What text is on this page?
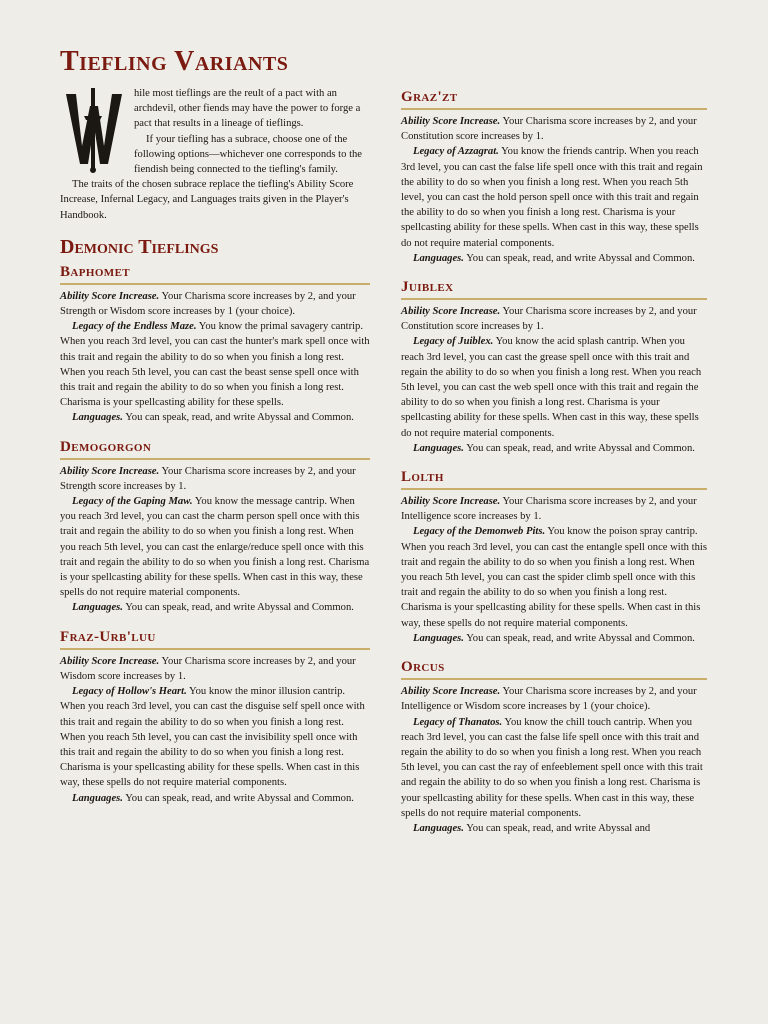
Tiefling Variants

hile most tieflings are the reult of a pact with an archdevil, other fiends may have the power to forge a pact that results in a lineage of tieflings.

If your tiefling has a subrace, choose one of the following options—whichever one corresponds to the fiendish being connected to the tiefling's family.

The traits of the chosen subrace replace the tiefling's Ability Score Increase, Infernal Legacy, and Languages traits given in the Player's Handbook.

Demonic Tieflings
Baphomet

Ability Score Increase. Your Charisma score increases by 2, and your Strength or Wisdom score increases by 1 (your choice).

Legacy of the Endless Maze. You know the primal savagery cantrip. When you reach 3rd level, you can cast the hunter's mark spell once with this trait and regain the ability to do so when you finish a long rest. When you reach 5th level, you can cast the beast sense spell once with this trait and regain the ability to do so when you finish a long rest. Charisma is your spellcasting ability for these spells.

Languages. You can speak, read, and write Abyssal and Common.

Demogorgon

Ability Score Increase. Your Charisma score increases by 2, and your Strength score increases by 1.

Legacy of the Gaping Maw. You know the message cantrip. When you reach 3rd level, you can cast the charm person spell once with this trait and regain the ability to do so when you finish a long rest. When you reach 5th level, you can cast the enlarge/reduce spell once with this trait and regain the ability to do so when you finish a long rest. Charisma is your spellcasting ability for these spells. When cast in this way, these spells do not require material components.

Languages. You can speak, read, and write Abyssal and Common.

Fraz-Urb'luu

Ability Score Increase. Your Charisma score increases by 2, and your Wisdom score increases by 1.

Legacy of Hollow's Heart. You know the minor illusion cantrip. When you reach 3rd level, you can cast the disguise self spell once with this trait and regain the ability to do so when you finish a long rest. When you reach 5th level, you can cast the invisibility spell once with this trait and regain the ability to do so when you finish a long rest. Charisma is your spellcasting ability for these spells. When cast in this way, these spells do not require material components.

Languages. You can speak, read, and write Abyssal and Common.

Graz'zt

Ability Score Increase. Your Charisma score increases by 2, and your Constitution score increases by 1.

Legacy of Azzagrat. You know the friends cantrip. When you reach 3rd level, you can cast the false life spell once with this trait and regain the ability to do so when you finish a long rest. When you reach 5th level, you can cast the hold person spell once with this trait and regain the ability to do so when you finish a long rest. Charisma is your spellcasting ability for these spells. When cast in this way, these spells do not require material components.

Languages. You can speak, read, and write Abyssal and Common.

Juiblex

Ability Score Increase. Your Charisma score increases by 2, and your Constitution score increases by 1.

Legacy of Juiblex. You know the acid splash cantrip. When you reach 3rd level, you can cast the grease spell once with this trait and regain the ability to do so when you finish a long rest. When you reach 5th level, you can cast the web spell once with this trait and regain the ability to do so when you finish a long rest. Charisma is your spellcasting ability for these spells. When cast in this way, these spells do not require material components.

Languages. You can speak, read, and write Abyssal and Common.

Lolth

Ability Score Increase. Your Charisma score increases by 2, and your Intelligence score increases by 1.

Legacy of the Demonweb Pits. You know the poison spray cantrip. When you reach 3rd level, you can cast the entangle spell once with this trait and regain the ability to do so when you finish a long rest. When you reach 5th level, you can cast the spider climb spell once with this trait and regain the ability to do so when you finish a long rest. Charisma is your spellcasting ability for these spells. When cast in this way, these spells do not require material components.

Languages. You can speak, read, and write Abyssal and Common.

Orcus

Ability Score Increase. Your Charisma score increases by 2, and your Intelligence or Wisdom score increases by 1 (your choice).

Legacy of Thanatos. You know the chill touch cantrip. When you reach 3rd level, you can cast the false life spell once with this trait and regain the ability to do so when you finish a long rest. When you reach 5th level, you can cast the ray of enfeeblement spell once with this trait and regain the ability to do so when you finish a long rest. Charisma is your spellcasting ability for these spells. When cast in this way, these spells do not require material components.

Languages. You can speak, read, and write Abyssal and
